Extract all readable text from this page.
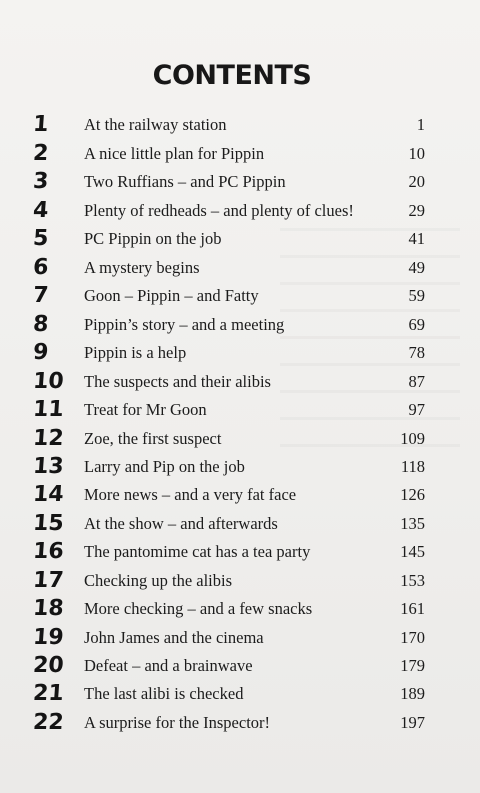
CONTENTS
1	At the railway station	1
2	A nice little plan for Pippin	10
3	Two Ruffians – and PC Pippin	20
4	Plenty of redheads – and plenty of clues!	29
5	PC Pippin on the job	41
6	A mystery begins	49
7	Goon – Pippin – and Fatty	59
8	Pippin’s story – and a meeting	69
9	Pippin is a help	78
10	The suspects and their alibis	87
11	Treat for Mr Goon	97
12	Zoe, the first suspect	109
13	Larry and Pip on the job	118
14	More news – and a very fat face	126
15	At the show – and afterwards	135
16	The pantomime cat has a tea party	145
17	Checking up the alibis	153
18	More checking – and a few snacks	161
19	John James and the cinema	170
20	Defeat – and a brainwave	179
21	The last alibi is checked	189
22	A surprise for the Inspector!	197
